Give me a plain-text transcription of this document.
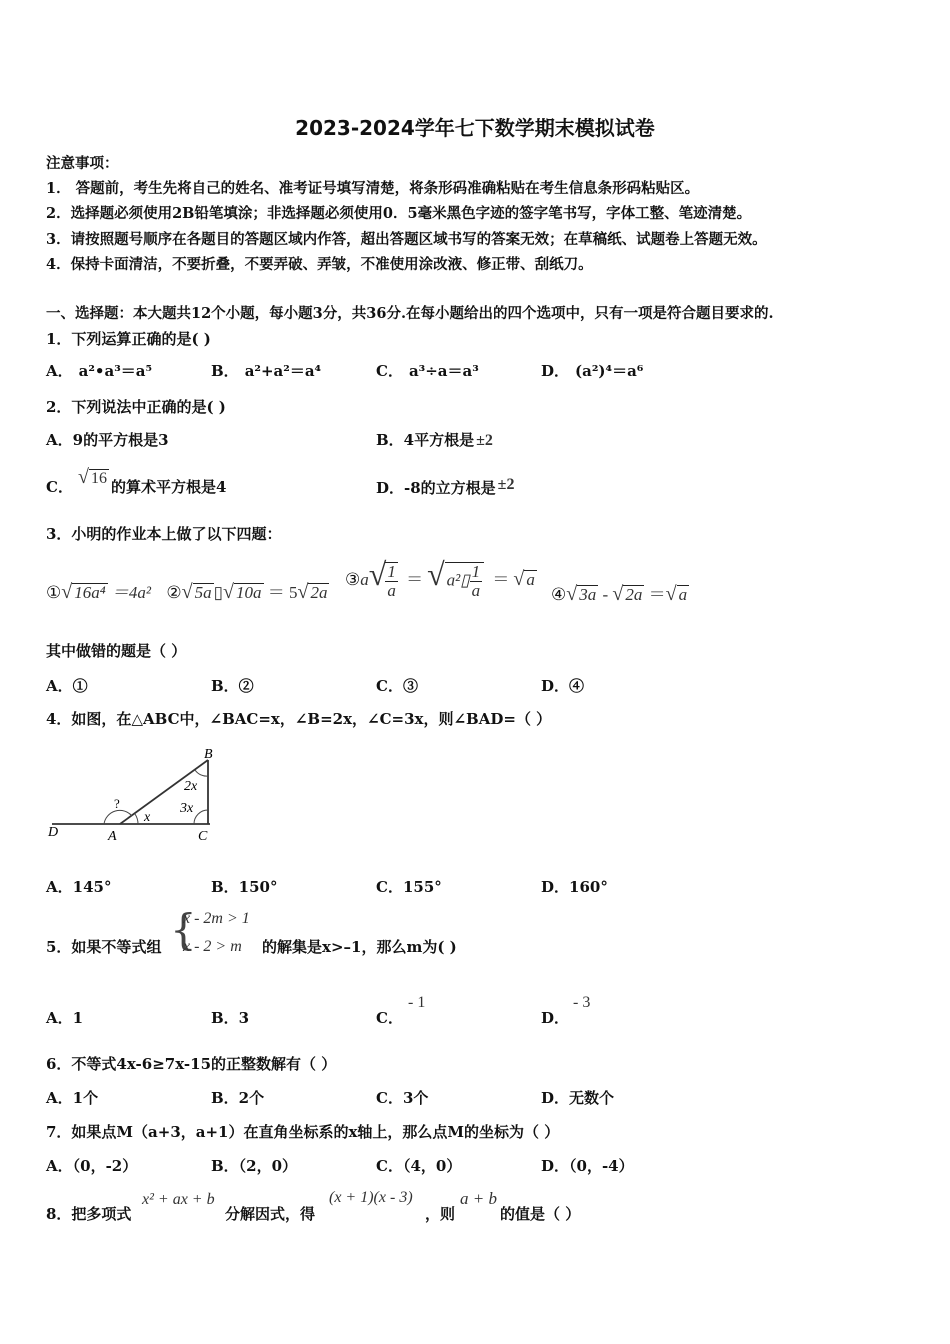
2023-2024学年七下数学期末模拟试卷
注意事项：
1． 答题前，考生先将自己的姓名、准考证号填写清楚，将条形码准确粘贴在考生信息条形码粘贴区。
2．选择题必须使用2B铅笔填涂；非选择题必须使用0．5毫米黑色字迹的签字笔书写，字体工整、笔迹清楚。
3．请按照题号顺序在各题目的答题区域内作答，超出答题区域书写的答案无效；在草稿纸、试题卷上答题无效。
4．保持卡面清洁，不要折叠，不要弄破、弄皱，不准使用涂改液、修正带、刮纸刀。
一、选择题：本大题共12个小题，每小题3分，共36分.在每小题给出的四个选项中，只有一项是符合题目要求的.
1．下列运算正确的是( )
A． a²•a³＝a⁵	B． a²+a²＝a⁴	C． a³÷a＝a³	D． (a²)⁴＝a⁶
2．下列说法中正确的是( )
A．9的平方根是3	B．4平方根是 ±2
C． √ 16 的算术平方根是4	D．-8的立方根是 ±2
3．小明的作业本上做了以下四题：
①√ 16a⁴ ＝4a² ②√ 5a ▯√ 10a ＝ 5√ 2a
③a√ $\frac{1}{a}$ ＝ √ a²▯ $\frac{1}{a}$ ＝ √ a
④√ 3a - √ 2a ＝√ a
其中做错的题是（ ）
A．①	B．②	C．③	D．④
4．如图，在△ABC中，∠BAC=x，∠B=2x，∠C=3x，则∠BAD=（ ）
B
A	C
D
x
2x
3x
?
A．145°	B．150°	C．155°	D．160°
5．如果不等式组 {
x - 2m > 1
x - 2 > m 的解集是x>–1，那么m为( )
A．1	B．3	C．
- 1
D．
- 3
6．不等式4x-6≥7x-15的正整数解有（ ）
A．1个	B．2个	C．3个	D．无数个
7．如果点M（a+3，a+1）在直角坐标系的x轴上，那么点M的坐标为（ ）
A．（0，-2）	B．（2，0）	C．（4，0）	D．（0，-4）
8．把多项式
x² + ax + b
分解因式，得
(x + 1)(x - 3)
，则
a + b
的值是（ ）
